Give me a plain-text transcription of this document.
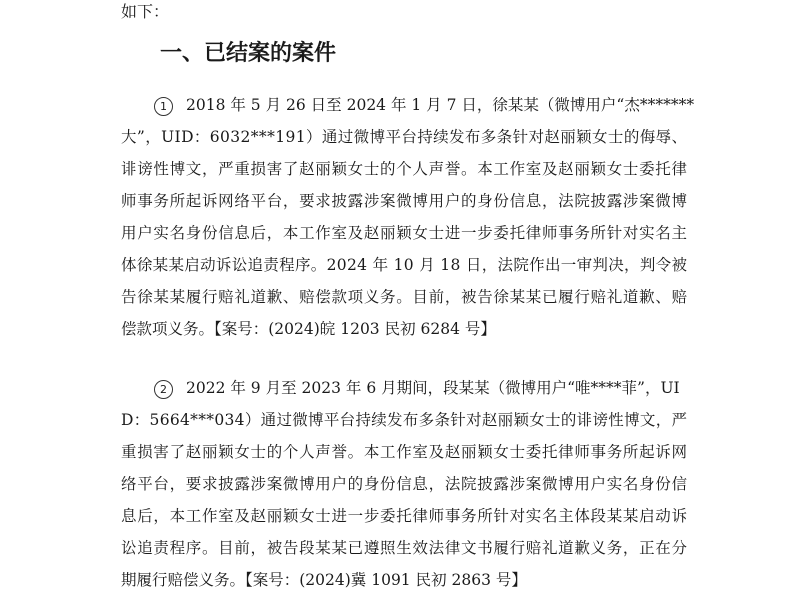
如下：
一、已结案的案件
1 2018 年 5 月 26 日至 2024 年 1 月 7 日，徐某某（微博用户“杰*******
大”，UID：6032***191）通过微博平台持续发布多条针对赵丽颖女士的侮辱、
诽谤性博文，严重损害了赵丽颖女士的个人声誉。本工作室及赵丽颖女士委托律
师事务所起诉网络平台，要求披露涉案微博用户的身份信息，法院披露涉案微博
用户实名身份信息后，本工作室及赵丽颖女士进一步委托律师事务所针对实名主
体徐某某启动诉讼追责程序。2024 年 10 月 18 日，法院作出一审判决，判令被
告徐某某履行赔礼道歉、赔偿款项义务。目前，被告徐某某已履行赔礼道歉、赔
偿款项义务。【案号：(2024)皖 1203 民初 6284 号】
2 2022 年 9 月至 2023 年 6 月期间，段某某（微博用户“唯****菲”，UI
D：5664***034）通过微博平台持续发布多条针对赵丽颖女士的诽谤性博文，严
重损害了赵丽颖女士的个人声誉。本工作室及赵丽颖女士委托律师事务所起诉网
络平台，要求披露涉案微博用户的身份信息，法院披露涉案微博用户实名身份信
息后，本工作室及赵丽颖女士进一步委托律师事务所针对实名主体段某某启动诉
讼追责程序。目前，被告段某某已遵照生效法律文书履行赔礼道歉义务，正在分
期履行赔偿义务。【案号：(2024)冀 1091 民初 2863 号】
